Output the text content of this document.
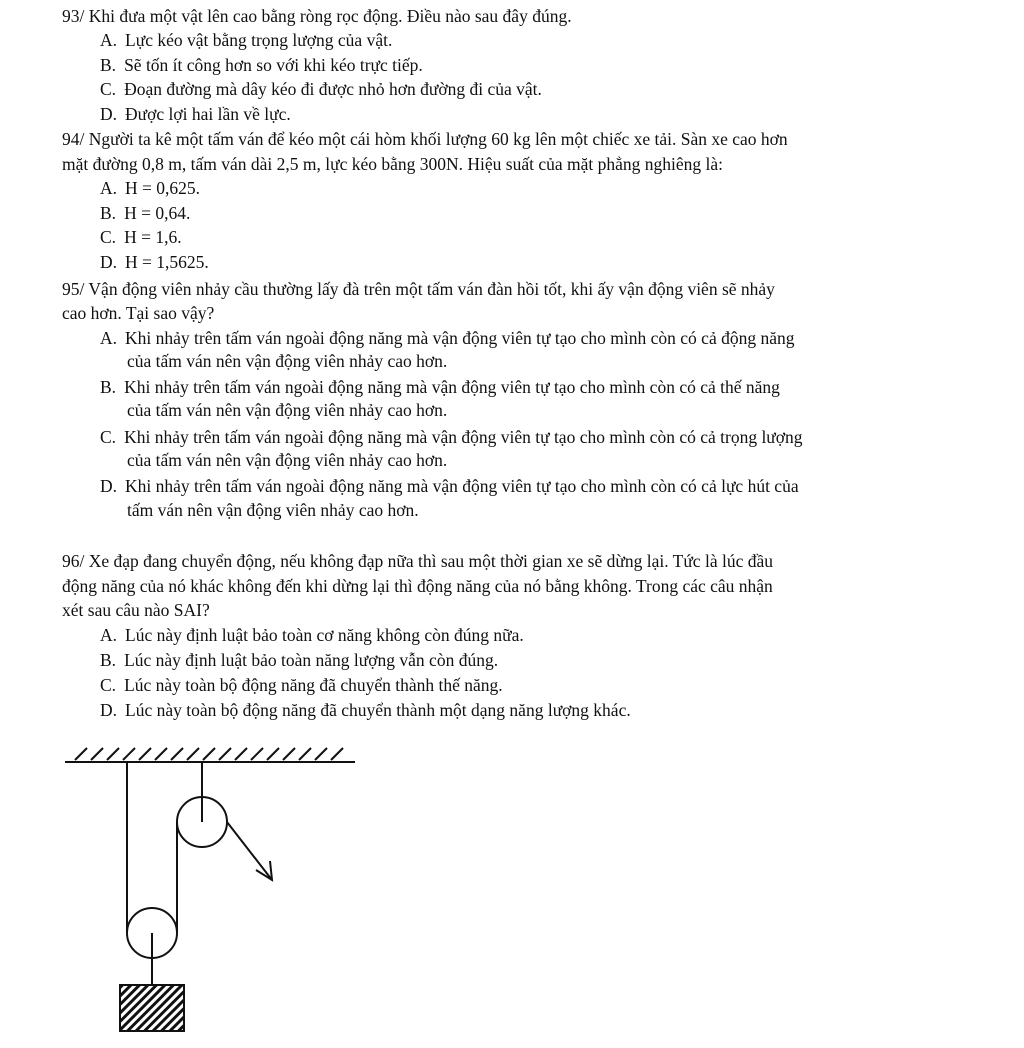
93/ Khi đưa một vật lên cao bằng ròng rọc động. Điều nào sau đây đúng.
A. Lực kéo vật bằng trọng lượng của vật.
B. Sẽ tốn ít công hơn so với khi kéo trực tiếp.
C. Đoạn đường mà dây kéo đi được nhỏ hơn đường đi của vật.
D. Được lợi hai lần về lực.
94/ Người ta kê một tấm ván để kéo một cái hòm khối lượng 60 kg lên một chiếc xe tải. Sàn xe cao hơn
mặt đường 0,8 m, tấm ván dài 2,5 m, lực kéo bằng 300N. Hiệu suất của mặt phẳng nghiêng là:
A. H = 0,625.
B. H = 0,64.
C. H = 1,6.
D. H = 1,5625.
95/ Vận động viên nhảy cầu thường lấy đà trên một tấm ván đàn hồi tốt, khi ấy vận động viên sẽ nhảy
cao hơn. Tại sao vậy?
A. Khi nhảy trên tấm ván ngoài động năng mà vận động viên tự tạo cho mình còn có cả động năng
của tấm ván nên vận động viên nhảy cao hơn.
B. Khi nhảy trên tấm ván ngoài động năng mà vận động viên tự tạo cho mình còn có cả thế năng
của tấm ván nên vận động viên nhảy cao hơn.
C. Khi nhảy trên tấm ván ngoài động năng mà vận động viên tự tạo cho mình còn có cả trọng lượng
của tấm ván nên vận động viên nhảy cao hơn.
D. Khi nhảy trên tấm ván ngoài động năng mà vận động viên tự tạo cho mình còn có cả lực hút của
tấm ván nên vận động viên nhảy cao hơn.
96/ Xe đạp đang chuyển động, nếu không đạp nữa thì sau một thời gian xe sẽ dừng lại. Tức là lúc đầu
động năng của nó khác không đến khi dừng lại thì động năng của nó bằng không. Trong các câu nhận
xét sau câu nào SAI?
A. Lúc này định luật bảo toàn cơ năng không còn đúng nữa.
B. Lúc này định luật bảo toàn năng lượng vẫn còn đúng.
C. Lúc này toàn bộ động năng đã chuyển thành thế năng.
D. Lúc này toàn bộ động năng đã chuyển thành một dạng năng lượng khác.
